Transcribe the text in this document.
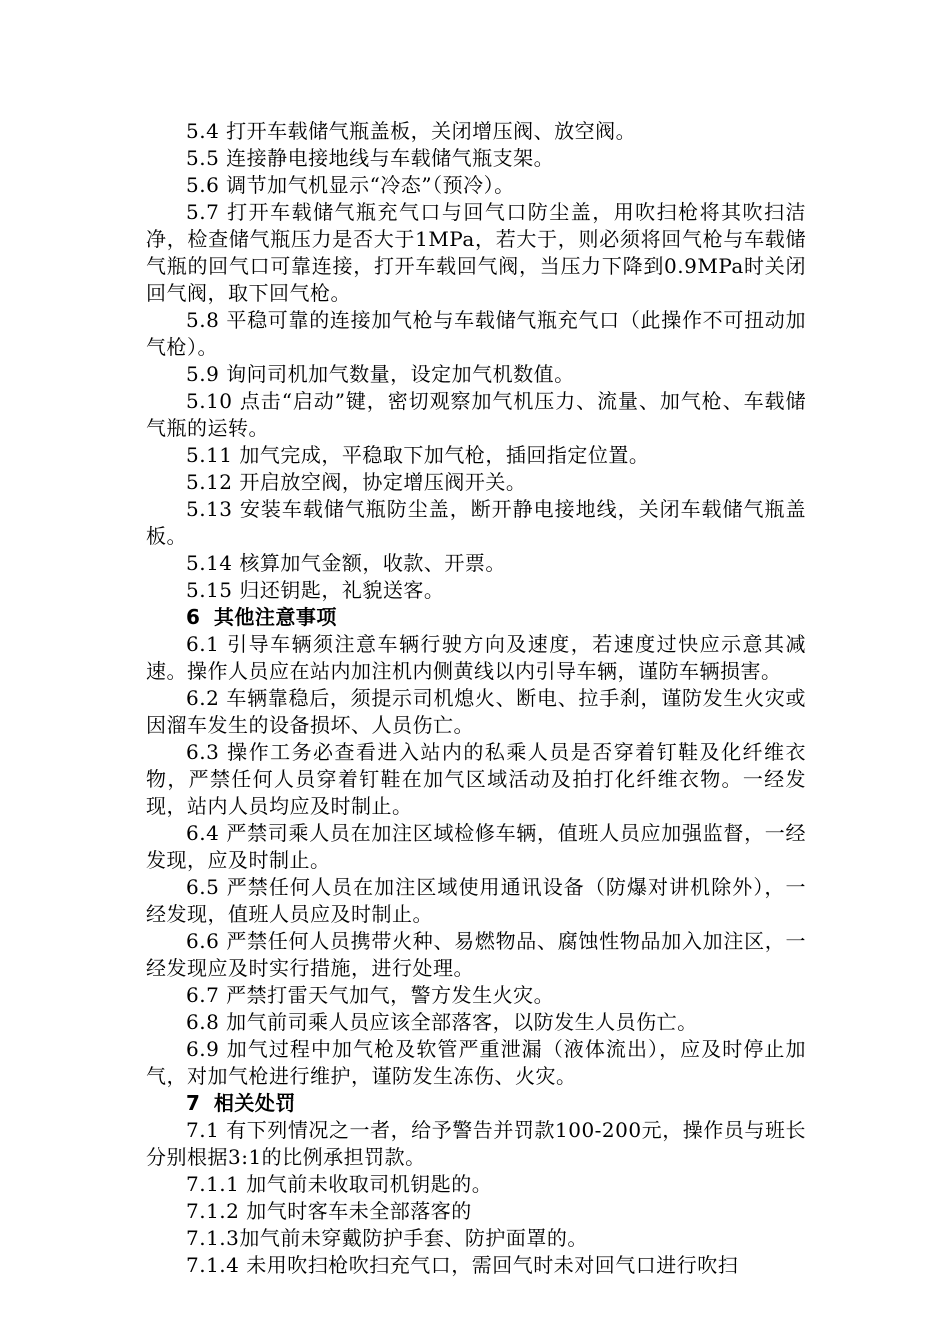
5.4 打开车载储气瓶盖板，关闭增压阀、放空阀。

5.5 连接静电接地线与车载储气瓶支架。

5.6 调节加气机显示“冷态”（预冷）。

5.7 打开车载储气瓶充气口与回气口防尘盖，用吹扫枪将其吹扫洁净，检查储气瓶压力是否大于1MPa，若大于，则必须将回气枪与车载储气瓶的回气口可靠连接，打开车载回气阀，当压力下降到0.9MPa时关闭回气阀，取下回气枪。

5.8 平稳可靠的连接加气枪与车载储气瓶充气口（此操作不可扭动加气枪）。

5.9 询问司机加气数量，设定加气机数值。

5.10 点击“启动”键，密切观察加气机压力、流量、加气枪、车载储气瓶的运转。

5.11 加气完成，平稳取下加气枪，插回指定位置。

5.12 开启放空阀，协定增压阀开关。

5.13 安装车载储气瓶防尘盖，断开静电接地线，关闭车载储气瓶盖板。

5.14 核算加气金额，收款、开票。

5.15 归还钥匙，礼貌送客。

6 其他注意事项

6.1 引导车辆须注意车辆行驶方向及速度，若速度过快应示意其减速。操作人员应在站内加注机内侧黄线以内引导车辆，谨防车辆损害。

6.2 车辆靠稳后，须提示司机熄火、断电、拉手刹，谨防发生火灾或因溜车发生的设备损坏、人员伤亡。

6.3 操作工务必查看进入站内的私乘人员是否穿着钉鞋及化纤维衣物，严禁任何人员穿着钉鞋在加气区域活动及拍打化纤维衣物。一经发现，站内人员均应及时制止。

6.4 严禁司乘人员在加注区域检修车辆，值班人员应加强监督，一经发现，应及时制止。

6.5 严禁任何人员在加注区域使用通讯设备（防爆对讲机除外），一经发现，值班人员应及时制止。

6.6 严禁任何人员携带火种、易燃物品、腐蚀性物品加入加注区，一经发现应及时实行措施，进行处理。

6.7 严禁打雷天气加气，警方发生火灾。

6.8 加气前司乘人员应该全部落客，以防发生人员伤亡。

6.9 加气过程中加气枪及软管严重泄漏（液体流出），应及时停止加气，对加气枪进行维护，谨防发生冻伤、火灾。

7 相关处罚

7.1 有下列情况之一者，给予警告并罚款100-200元，操作员与班长分别根据3:1的比例承担罚款。

7.1.1 加气前未收取司机钥匙的。

7.1.2 加气时客车未全部落客的

7.1.3加气前未穿戴防护手套、防护面罩的。

7.1.4 未用吹扫枪吹扫充气口，需回气时未对回气口进行吹扫
